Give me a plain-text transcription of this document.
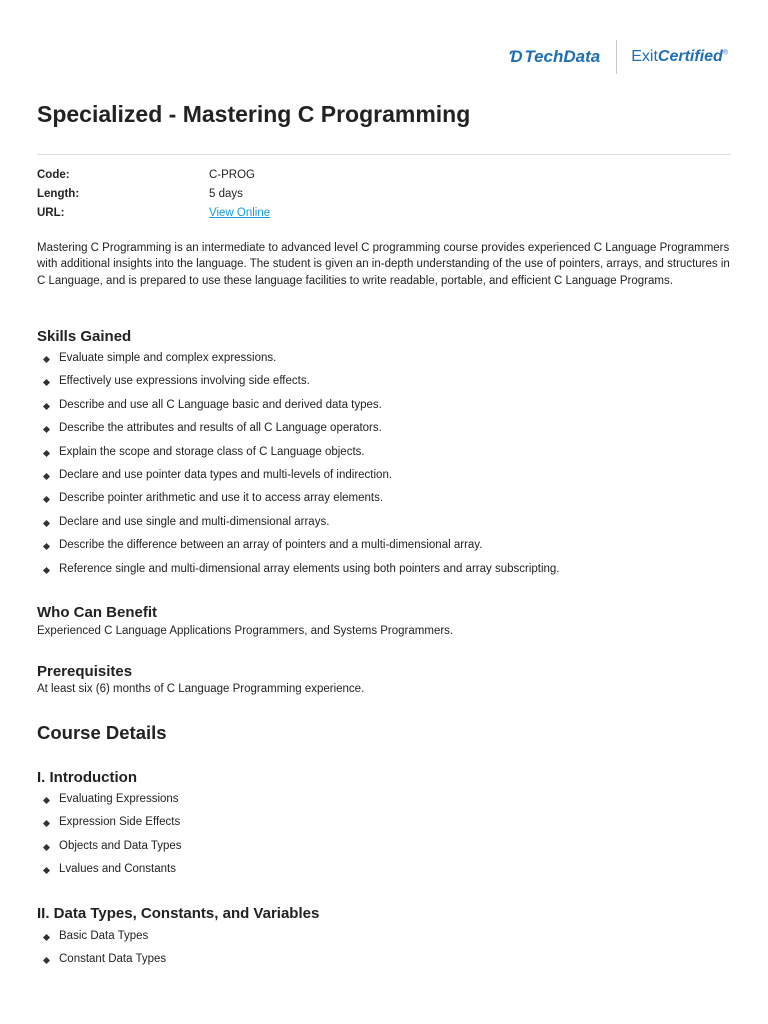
Ɗ TechData ExitCertified®
Specialized - Mastering C Programming
Code:	C-PROG
Length:	5 days
URL:	View Online

Mastering C Programming is an intermediate to advanced level C programming course provides experienced C Language Programmers with additional insights into the language. The student is given an in-depth understanding of the use of pointers, arrays, and structures in C Language, and is prepared to use these language facilities to write readable, portable, and efficient C Language Programs.

Skills Gained
Evaluate simple and complex expressions.
Effectively use expressions involving side effects.
Describe and use all C Language basic and derived data types.
Describe the attributes and results of all C Language operators.
Explain the scope and storage class of C Language objects.
Declare and use pointer data types and multi-levels of indirection.
Describe pointer arithmetic and use it to access array elements.
Declare and use single and multi-dimensional arrays.
Describe the difference between an array of pointers and a multi-dimensional array.
Reference single and multi-dimensional array elements using both pointers and array subscripting.
Who Can Benefit
Experienced C Language Applications Programmers, and Systems Programmers.
Prerequisites
At least six (6) months of C Language Programming experience.
Course Details
I. Introduction
Evaluating Expressions
Expression Side Effects
Objects and Data Types
Lvalues and Constants
II. Data Types, Constants, and Variables
Basic Data Types
Constant Data Types
